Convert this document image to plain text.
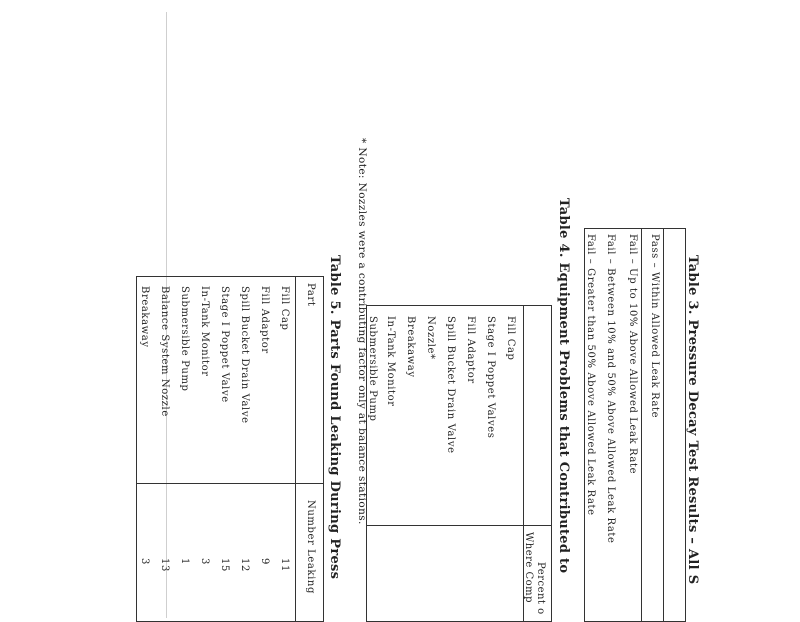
Table 3. Pressure Decay Test Results – All S
Pass – Within Allowed Leak Rate
Fail – Up to 10% Above Allowed Leak Rate
Fail – Between 10% and 50% Above Allowed Leak Rate
Fail – Greater than 50% Above Allowed Leak Rate
Table 4. Equipment Problems that Contributed to
Percent o
Where Comp
Fill Cap
Stage I Poppet Valves
Fill Adaptor
Spill Bucket Drain Valve
Nozzle*
Breakaway
In-Tank Monitor
Submersible Pump
* Note: Nozzles were a contributing factor only at balance stations.
Table 5. Parts Found Leaking During Press
Part
Number Leaking
Fill Cap
11
Fill Adaptor
9
Spill Bucket Drain Valve
12
Stage I Poppet Valve
15
In-Tank Monitor
3
Submersible Pump
1
Balance System Nozzle
13
Breakaway
3
